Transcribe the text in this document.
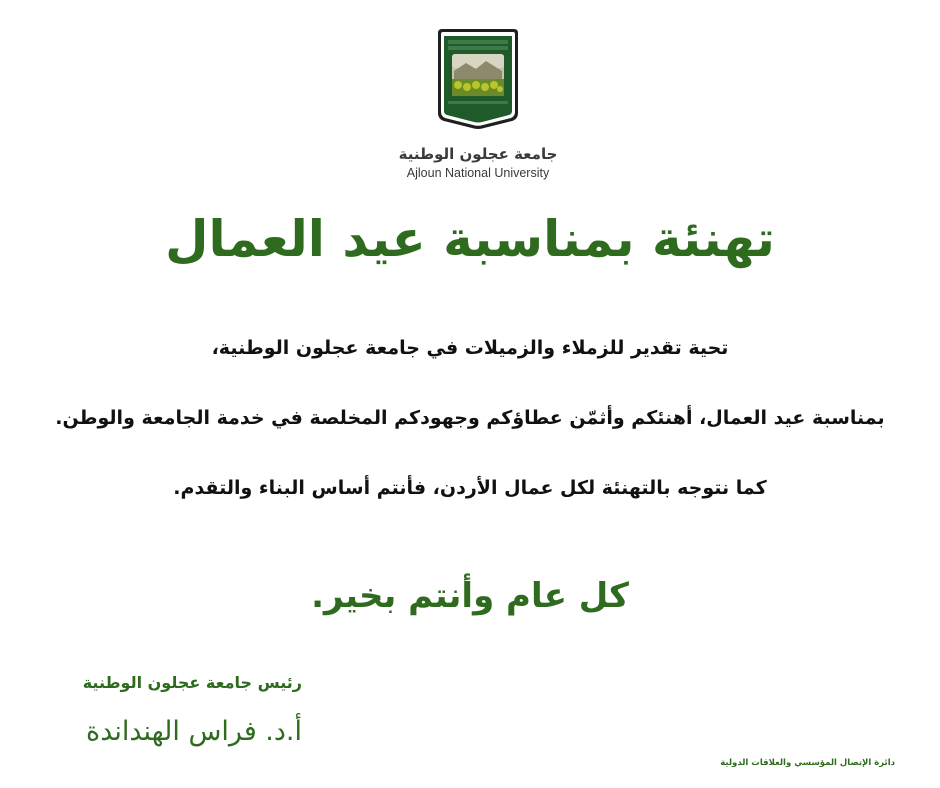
جامعة عجلون الوطنية
Ajloun National University
تهنئة بمناسبة عيد العمال
تحية تقدير للزملاء والزميلات في جامعة عجلون الوطنية،
بمناسبة عيد العمال، أهنئكم وأثمّن عطاؤكم وجهودكم المخلصة في خدمة الجامعة والوطن.
كما نتوجه بالتهنئة لكل عمال الأردن، فأنتم أساس البناء والتقدم.
كل عام وأنتم بخير.
رئيس جامعة عجلون الوطنية
أ.د. فراس الهنداندة
دائرة الإتصال المؤسسي والعلاقات الدولية
